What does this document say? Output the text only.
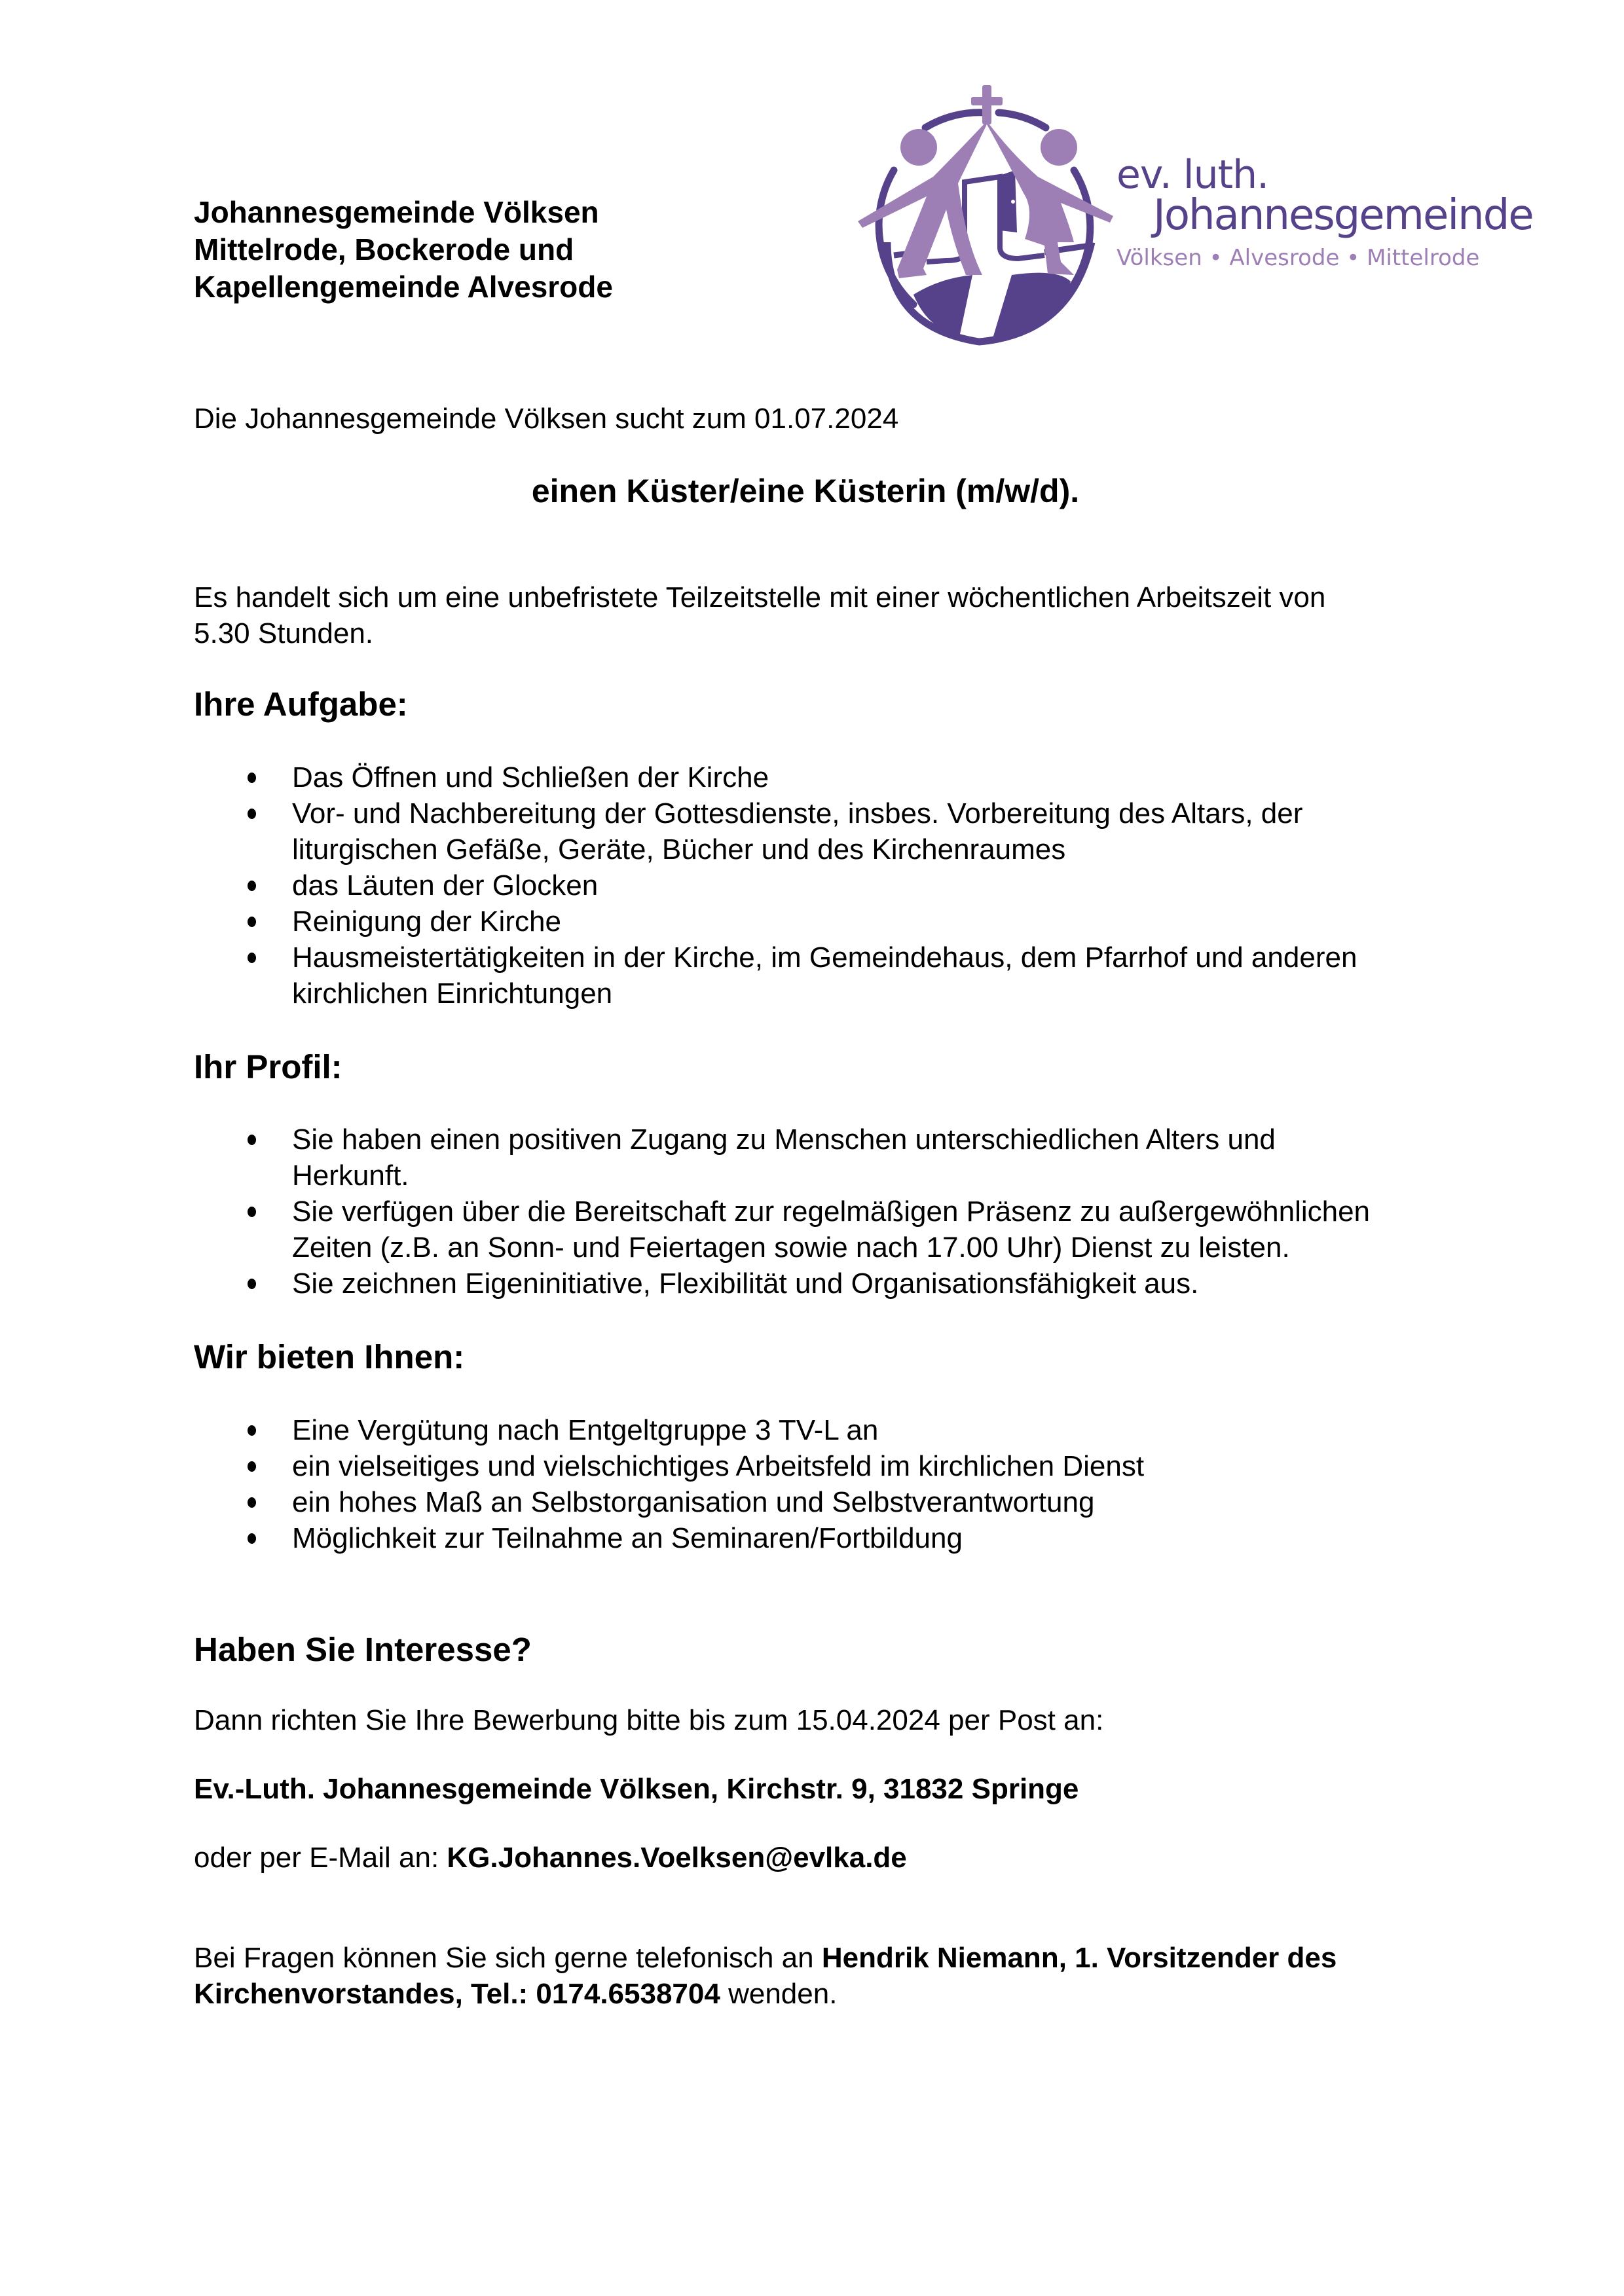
Johannesgemeinde Völksen
Mittelrode, Bockerode und
Kapellengemeinde Alvesrode
ev. luth.
Johannesgemeinde
Völksen • Alvesrode • Mittelrode
Die Johannesgemeinde Völksen sucht zum 01.07.2024
einen Küster/eine Küsterin (m/w/d).
Es handelt sich um eine unbefristete Teilzeitstelle mit einer wöchentlichen Arbeitszeit von
5.30 Stunden.
Ihre Aufgabe:
Das Öffnen und Schließen der Kirche
Vor- und Nachbereitung der Gottesdienste, insbes. Vorbereitung des Altars, der
liturgischen Gefäße, Geräte, Bücher und des Kirchenraumes
das Läuten der Glocken
Reinigung der Kirche
Hausmeistertätigkeiten in der Kirche, im Gemeindehaus, dem Pfarrhof und anderen
kirchlichen Einrichtungen
Ihr Profil:
Sie haben einen positiven Zugang zu Menschen unterschiedlichen Alters und
Herkunft.
Sie verfügen über die Bereitschaft zur regelmäßigen Präsenz zu außergewöhnlichen
Zeiten (z.B. an Sonn- und Feiertagen sowie nach 17.00 Uhr) Dienst zu leisten.
Sie zeichnen Eigeninitiative, Flexibilität und Organisationsfähigkeit aus.
Wir bieten Ihnen:
Eine Vergütung nach Entgeltgruppe 3 TV-L an
ein vielseitiges und vielschichtiges Arbeitsfeld im kirchlichen Dienst
ein hohes Maß an Selbstorganisation und Selbstverantwortung
Möglichkeit zur Teilnahme an Seminaren/Fortbildung
Haben Sie Interesse?
Dann richten Sie Ihre Bewerbung bitte bis zum 15.04.2024 per Post an:
Ev.-Luth. Johannesgemeinde Völksen, Kirchstr. 9, 31832 Springe
oder per E-Mail an: KG.Johannes.Voelksen@evlka.de
Bei Fragen können Sie sich gerne telefonisch an Hendrik Niemann, 1. Vorsitzender des
Kirchenvorstandes, Tel.: 0174.6538704 wenden.
